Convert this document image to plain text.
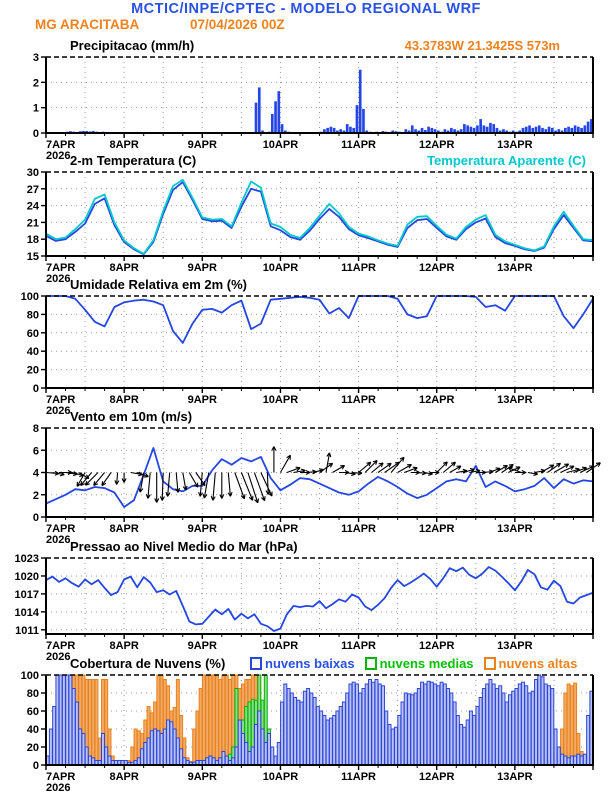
MCTIC/INPE/CPTEC - MODELO REGIONAL WRF
MG ARACITABA	07/04/2026 00Z
Precipitacao (mm/h)	43.3783W 21.3425S 573m
2-m Temperatura (C)	Temperatura Aparente (C)
Umidade Relativa em 2m (%)
Vento em 10m (m/s)
Pressao ao Nivel Medio do Mar (hPa)
Cobertura de Nuvens (%)	nuvens baixas nuvens medias nuvens altas
0
1
2
3
7APR
2026
8APR	9APR	10APR	11APR	12APR	13APR
15
18
21
24
27
30
7APR
2026
8APR	9APR	10APR	11APR	12APR	13APR
0
20
40
60
80
100
7APR
2026
8APR	9APR	10APR	11APR	12APR	13APR
0
2
4
6
8
7APR
2026
8APR	9APR	10APR	11APR	12APR	13APR
1011
1014
1017
1020
1023
7APR
2026
8APR	9APR	10APR	11APR	12APR	13APR
0
20
40
60
80
100
7APR
2026
8APR	9APR	10APR	11APR	12APR	13APR
